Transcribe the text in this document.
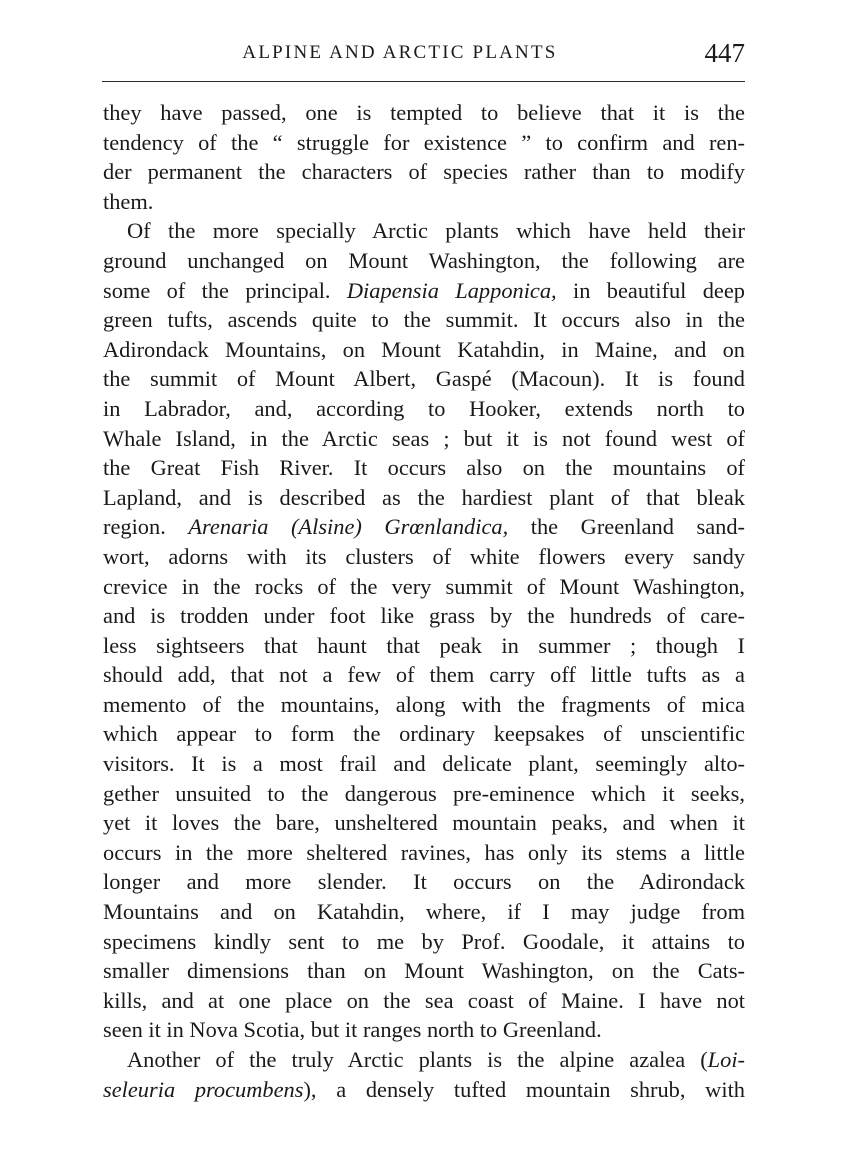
ALPINE AND ARCTIC PLANTS	447
they have passed, one is tempted to believe that it is the
tendency of the “ struggle for existence ” to confirm and ren-
der permanent the characters of species rather than to modify
them.
Of the more specially Arctic plants which have held their
ground unchanged on Mount Washington, the following are
some of the principal. Diapensia Lapponica, in beautiful deep
green tufts, ascends quite to the summit. It occurs also in the
Adirondack Mountains, on Mount Katahdin, in Maine, and on
the summit of Mount Albert, Gaspé (Macoun). It is found
in Labrador, and, according to Hooker, extends north to
Whale Island, in the Arctic seas ; but it is not found west of
the Great Fish River. It occurs also on the mountains of
Lapland, and is described as the hardiest plant of that bleak
region. Arenaria (Alsine) Grœnlandica, the Greenland sand-
wort, adorns with its clusters of white flowers every sandy
crevice in the rocks of the very summit of Mount Washington,
and is trodden under foot like grass by the hundreds of care-
less sightseers that haunt that peak in summer ; though I
should add, that not a few of them carry off little tufts as a
memento of the mountains, along with the fragments of mica
which appear to form the ordinary keepsakes of unscientific
visitors. It is a most frail and delicate plant, seemingly alto-
gether unsuited to the dangerous pre-eminence which it seeks,
yet it loves the bare, unsheltered mountain peaks, and when it
occurs in the more sheltered ravines, has only its stems a little
longer and more slender. It occurs on the Adirondack
Mountains and on Katahdin, where, if I may judge from
specimens kindly sent to me by Prof. Goodale, it attains to
smaller dimensions than on Mount Washington, on the Cats-
kills, and at one place on the sea coast of Maine. I have not
seen it in Nova Scotia, but it ranges north to Greenland.
Another of the truly Arctic plants is the alpine azalea (Loi-
seleuria procumbens), a densely tufted mountain shrub, with
